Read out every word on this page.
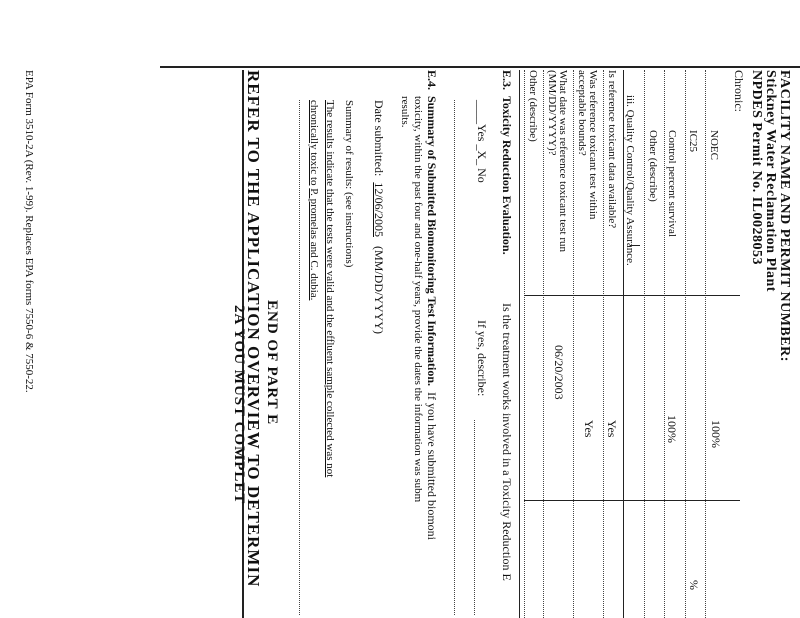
FACILITY NAME AND PERMIT NUMBER:
Stickney Water Reclamation Plant
NPDES Permit No. IL0028053
Chronic:
NOEC
100%
IC25
%
Control percent survival
100%
Other (describe)
iii. Quality Control/Quality Assurance.
Is reference toxicant data available?
Yes
Was reference toxicant test within
acceptable bounds?
Yes
What date was reference toxicant test run
(MM/DD/YYYY)?
06/20/2003
Other (describe)
E.3.
Toxicity Reduction Evaluation.
Is the treatment works involved in a Toxicity Reduction E
____Yes _X_ No
If yes, describe:
E.4.
Summary of Submitted Biomonitoring Test Information.  If you have submitted biomoni
toxicity, within the past four and one-half years, provide the dates the information was subm
results.
Date submitted:  12/06/2005   (MM/DD/YYYY)
Summary of results: (see instructions)
The results indicate that the tests were valid and the effluent sample collected was not
chronically toxic to P. promelas and C. dubia.
END OF PART E
REFER TO THE APPLICATION OVERVIEW TO DETERMIN
2A YOU MUST COMPLET
EPA Form 3510-2A (Rev. 1-99). Replaces EPA forms 7550-6 & 7550-22.
